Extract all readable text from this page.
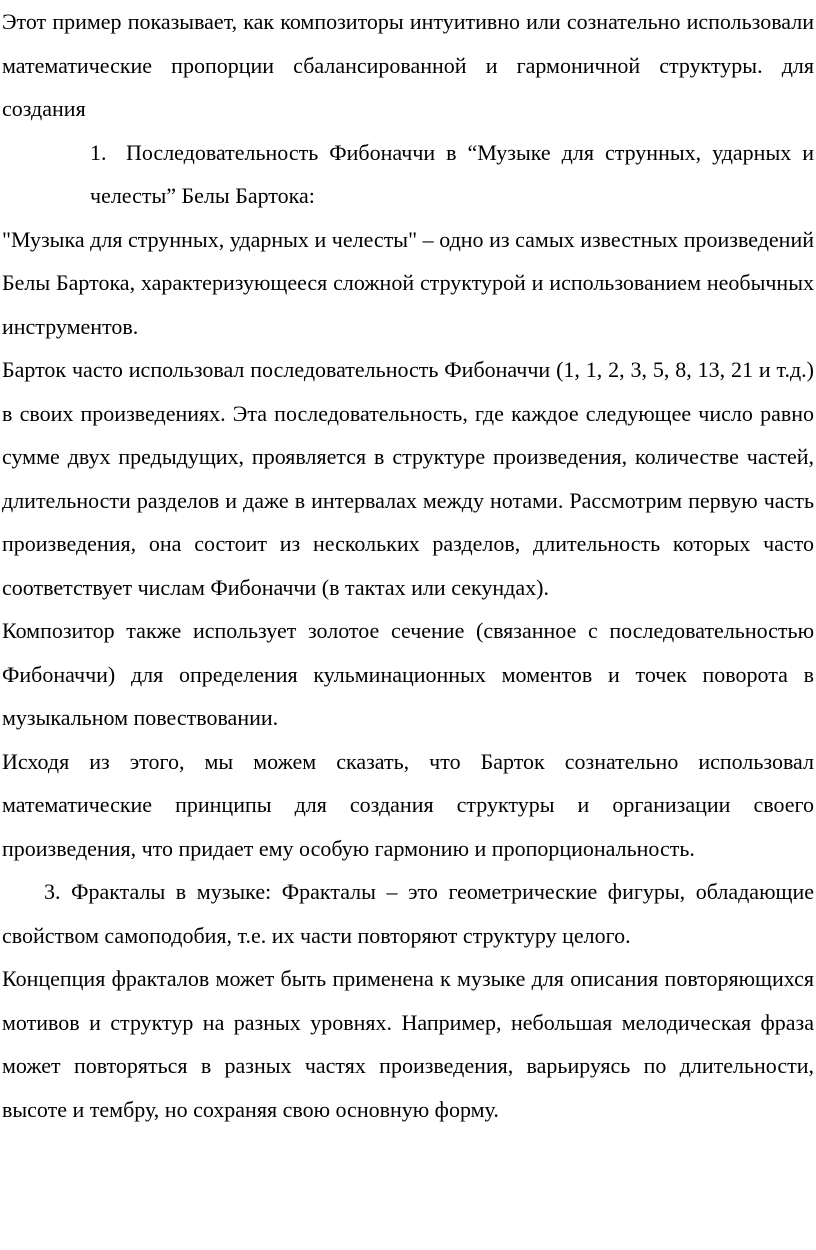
Этот пример показывает, как композиторы интуитивно или сознательно использовали математические пропорции сбалансированной и гармоничной структуры. для создания

1. Последовательность Фибоначчи в “Музыке для струнных, ударных и челесты” Белы Бартока:

"Музыка для струнных, ударных и челесты" – одно из самых известных произведений Белы Бартока, характеризующееся сложной структурой и использованием необычных инструментов.

Барток часто использовал последовательность Фибоначчи (1, 1, 2, 3, 5, 8, 13, 21 и т.д.) в своих произведениях. Эта последовательность, где каждое следующее число равно сумме двух предыдущих, проявляется в структуре произведения, количестве частей, длительности разделов и даже в интервалах между нотами. Рассмотрим первую часть произведения, она состоит из нескольких разделов, длительность которых часто соответствует числам Фибоначчи (в тактах или секундах).

Композитор также использует золотое сечение (связанное с последовательностью Фибоначчи) для определения кульминационных моментов и точек поворота в музыкальном повествовании.

Исходя из этого, мы можем сказать, что Барток сознательно использовал математические принципы для создания структуры и организации своего произведения, что придает ему особую гармонию и пропорциональность.

3. Фракталы в музыке: Фракталы – это геометрические фигуры, обладающие свойством самоподобия, т.е. их части повторяют структуру целого.

Концепция фракталов может быть применена к музыке для описания повторяющихся мотивов и структур на разных уровнях. Например, небольшая мелодическая фраза может повторяться в разных частях произведения, варьируясь по длительности, высоте и тембру, но сохраняя свою основную форму.
